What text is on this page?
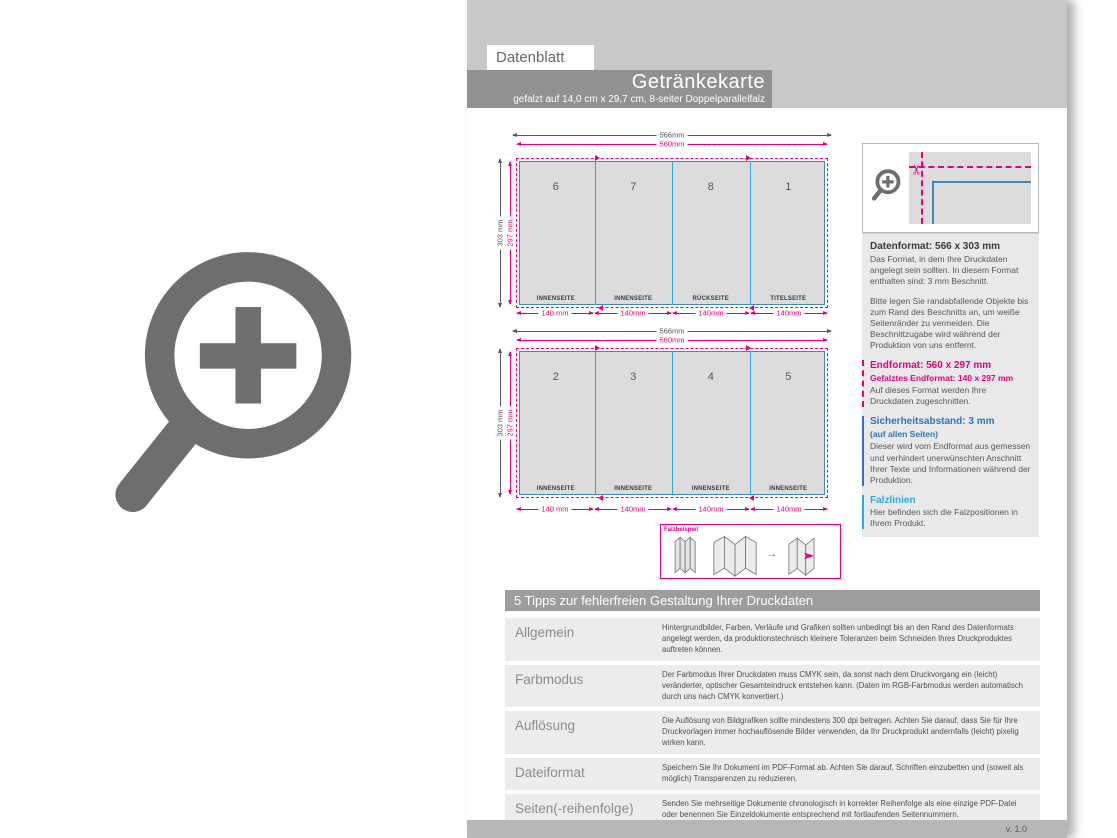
Datenblatt
Getränkekarte
gefalzt auf 14,0 cm x 29,7 cm, 8-seiter Doppelparallelfalz
566mm
560mm
303 mm 297 mm
6	7	8	1
INNENSEITE	INNENSEITE	RÜCKSEITE	TITELSEITE
140 mm	140mm	140mm	140mm
566mm
560mm
303 mm 297 mm
2	3	4	5
INNENSEITE	INNENSEITE	INNENSEITE	INNENSEITE
140 mm	140mm	140mm	140mm
Falzbeispiel
→
✂
Datenformat: 566 x 303 mm

Das Format, in dem Ihre Druckdaten angelegt sein sollten. In diesem Format enthalten sind: 3 mm Beschnitt.

Bitte legen Sie randabfallende Objekte bis zum Rand des Beschnitts an, um weiße Seitenränder zu vermeiden. Die Beschnittzugabe wird während der Produktion von uns entfernt.

Endformat: 560 x 297 mm
Gefalztes Endformat: 140 x 297 mm

Auf dieses Format werden Ihre Druckdaten zugeschnitten.

Sicherheitsabstand: 3 mm
(auf allen Seiten)

Dieser wird vom Endformat aus gemessen und verhindert unerwünschten Anschnitt Ihrer Texte und Informationen während der Produktion.

Falzlinien

Hier befinden sich die Falzpositionen in Ihrem Produkt.

5 Tipps zur fehlerfreien Gestaltung Ihrer Druckdaten
Allgemein	Hintergrundbilder, Farben, Verläufe und Grafiken sollten unbedingt bis an den Rand des Datenformats angelegt werden, da produktionstechnisch kleinere Toleranzen beim Schneiden Ihres Druckproduktes auftreten können.
Farbmodus	Der Farbmodus Ihrer Druckdaten muss CMYK sein, da sonst nach dem Druckvorgang ein (leicht) veränderter, optischer Gesamteindruck entstehen kann. (Daten im RGB-Farbmodus werden automatisch durch uns nach CMYK konvertiert.)
Auflösung	Die Auflösung von Bildgrafiken sollte mindestens 300 dpi betragen. Achten Sie darauf, dass Sie für Ihre Druckvorlagen immer hochauflösende Bilder verwenden, da Ihr Druckprodukt andernfalls (leicht) pixelig wirken kann.
Dateiformat	Speichern Sie Ihr Dokument im PDF-Format ab. Achten Sie darauf, Schriften einzubetten und (soweit als möglich) Transparenzen zu reduzieren.
Seiten(-reihenfolge)	Senden Sie mehrseitige Dokumente chronologisch in korrekter Reihenfolge als eine einzige PDF-Datei oder benennen Sie Einzeldokumente entsprechend mit fortlaufenden Seitennummern.
v. 1.0
